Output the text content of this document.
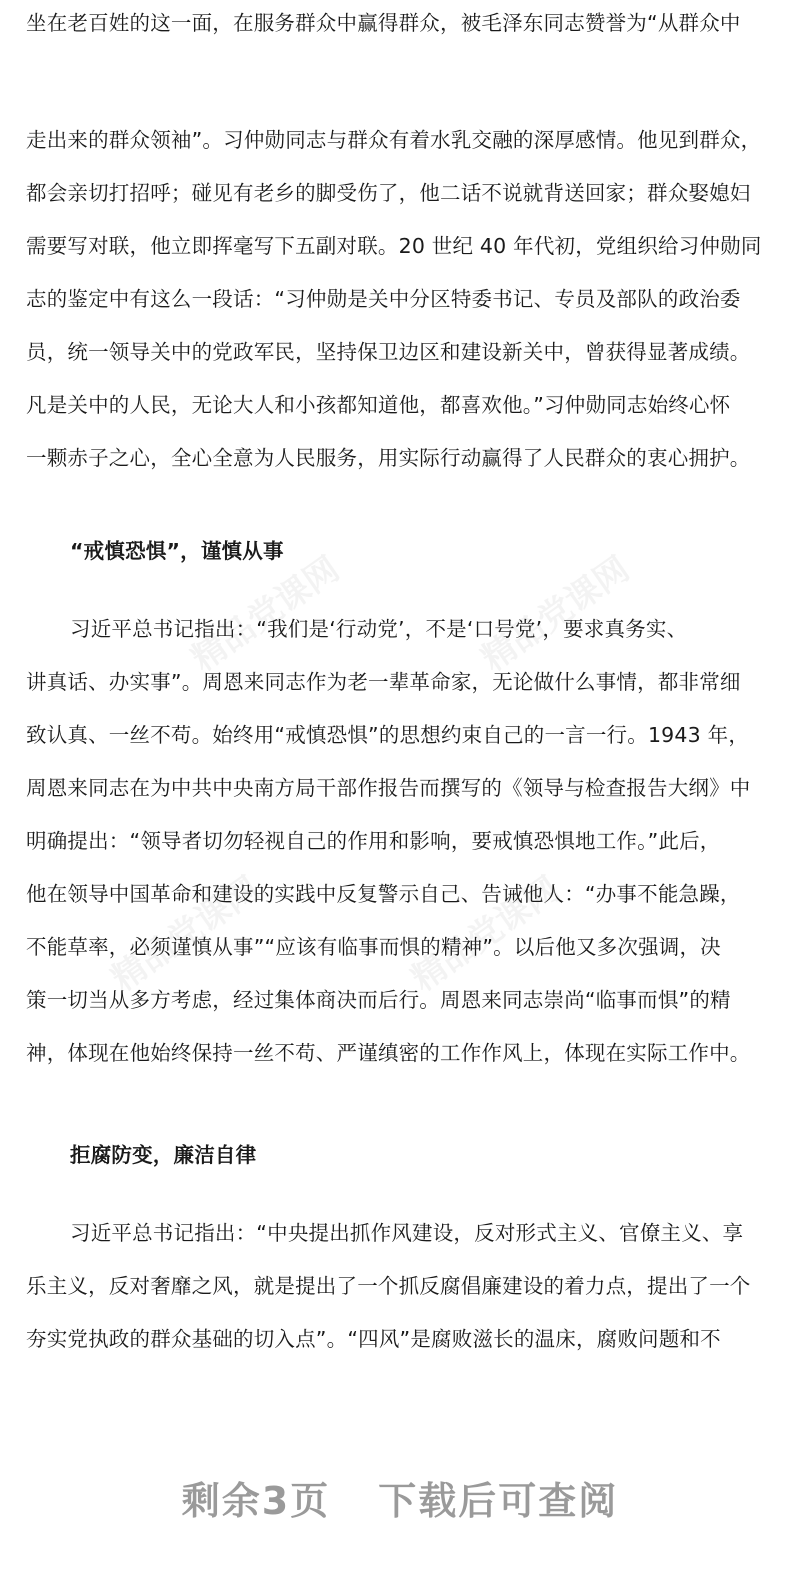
精品党课网	精品党课网
精品党课网	精品党课网
坐在老百姓的这一面，在服务群众中赢得群众，被毛泽东同志赞誉为“从群众中
走出来的群众领袖”。习仲勋同志与群众有着水乳交融的深厚感情。他见到群众，
都会亲切打招呼；碰见有老乡的脚受伤了，他二话不说就背送回家；群众娶媳妇
需要写对联，他立即挥毫写下五副对联。20 世纪 40 年代初，党组织给习仲勋同
志的鉴定中有这么一段话：“习仲勋是关中分区特委书记、专员及部队的政治委
员，统一领导关中的党政军民，坚持保卫边区和建设新关中，曾获得显著成绩。
凡是关中的人民，无论大人和小孩都知道他，都喜欢他。”习仲勋同志始终心怀
一颗赤子之心，全心全意为人民服务，用实际行动赢得了人民群众的衷心拥护。
“戒慎恐惧”，谨慎从事
习近平总书记指出：“我们是‘行动党’，不是‘口号党’，要求真务实、
讲真话、办实事”。周恩来同志作为老一辈革命家，无论做什么事情，都非常细
致认真、一丝不苟。始终用“戒慎恐惧”的思想约束自己的一言一行。1943 年，
周恩来同志在为中共中央南方局干部作报告而撰写的《领导与检查报告大纲》中
明确提出：“领导者切勿轻视自己的作用和影响，要戒慎恐惧地工作。”此后，
他在领导中国革命和建设的实践中反复警示自己、告诫他人：“办事不能急躁，
不能草率，必须谨慎从事”“应该有临事而惧的精神”。以后他又多次强调，决
策一切当从多方考虑，经过集体商决而后行。周恩来同志崇尚“临事而惧”的精
神，体现在他始终保持一丝不苟、严谨缜密的工作作风上，体现在实际工作中。
拒腐防变，廉洁自律
习近平总书记指出：“中央提出抓作风建设，反对形式主义、官僚主义、享
乐主义，反对奢靡之风，就是提出了一个抓反腐倡廉建设的着力点，提出了一个
夯实党执政的群众基础的切入点”。“四风”是腐败滋长的温床，腐败问题和不
剩余3页 下载后可查阅
